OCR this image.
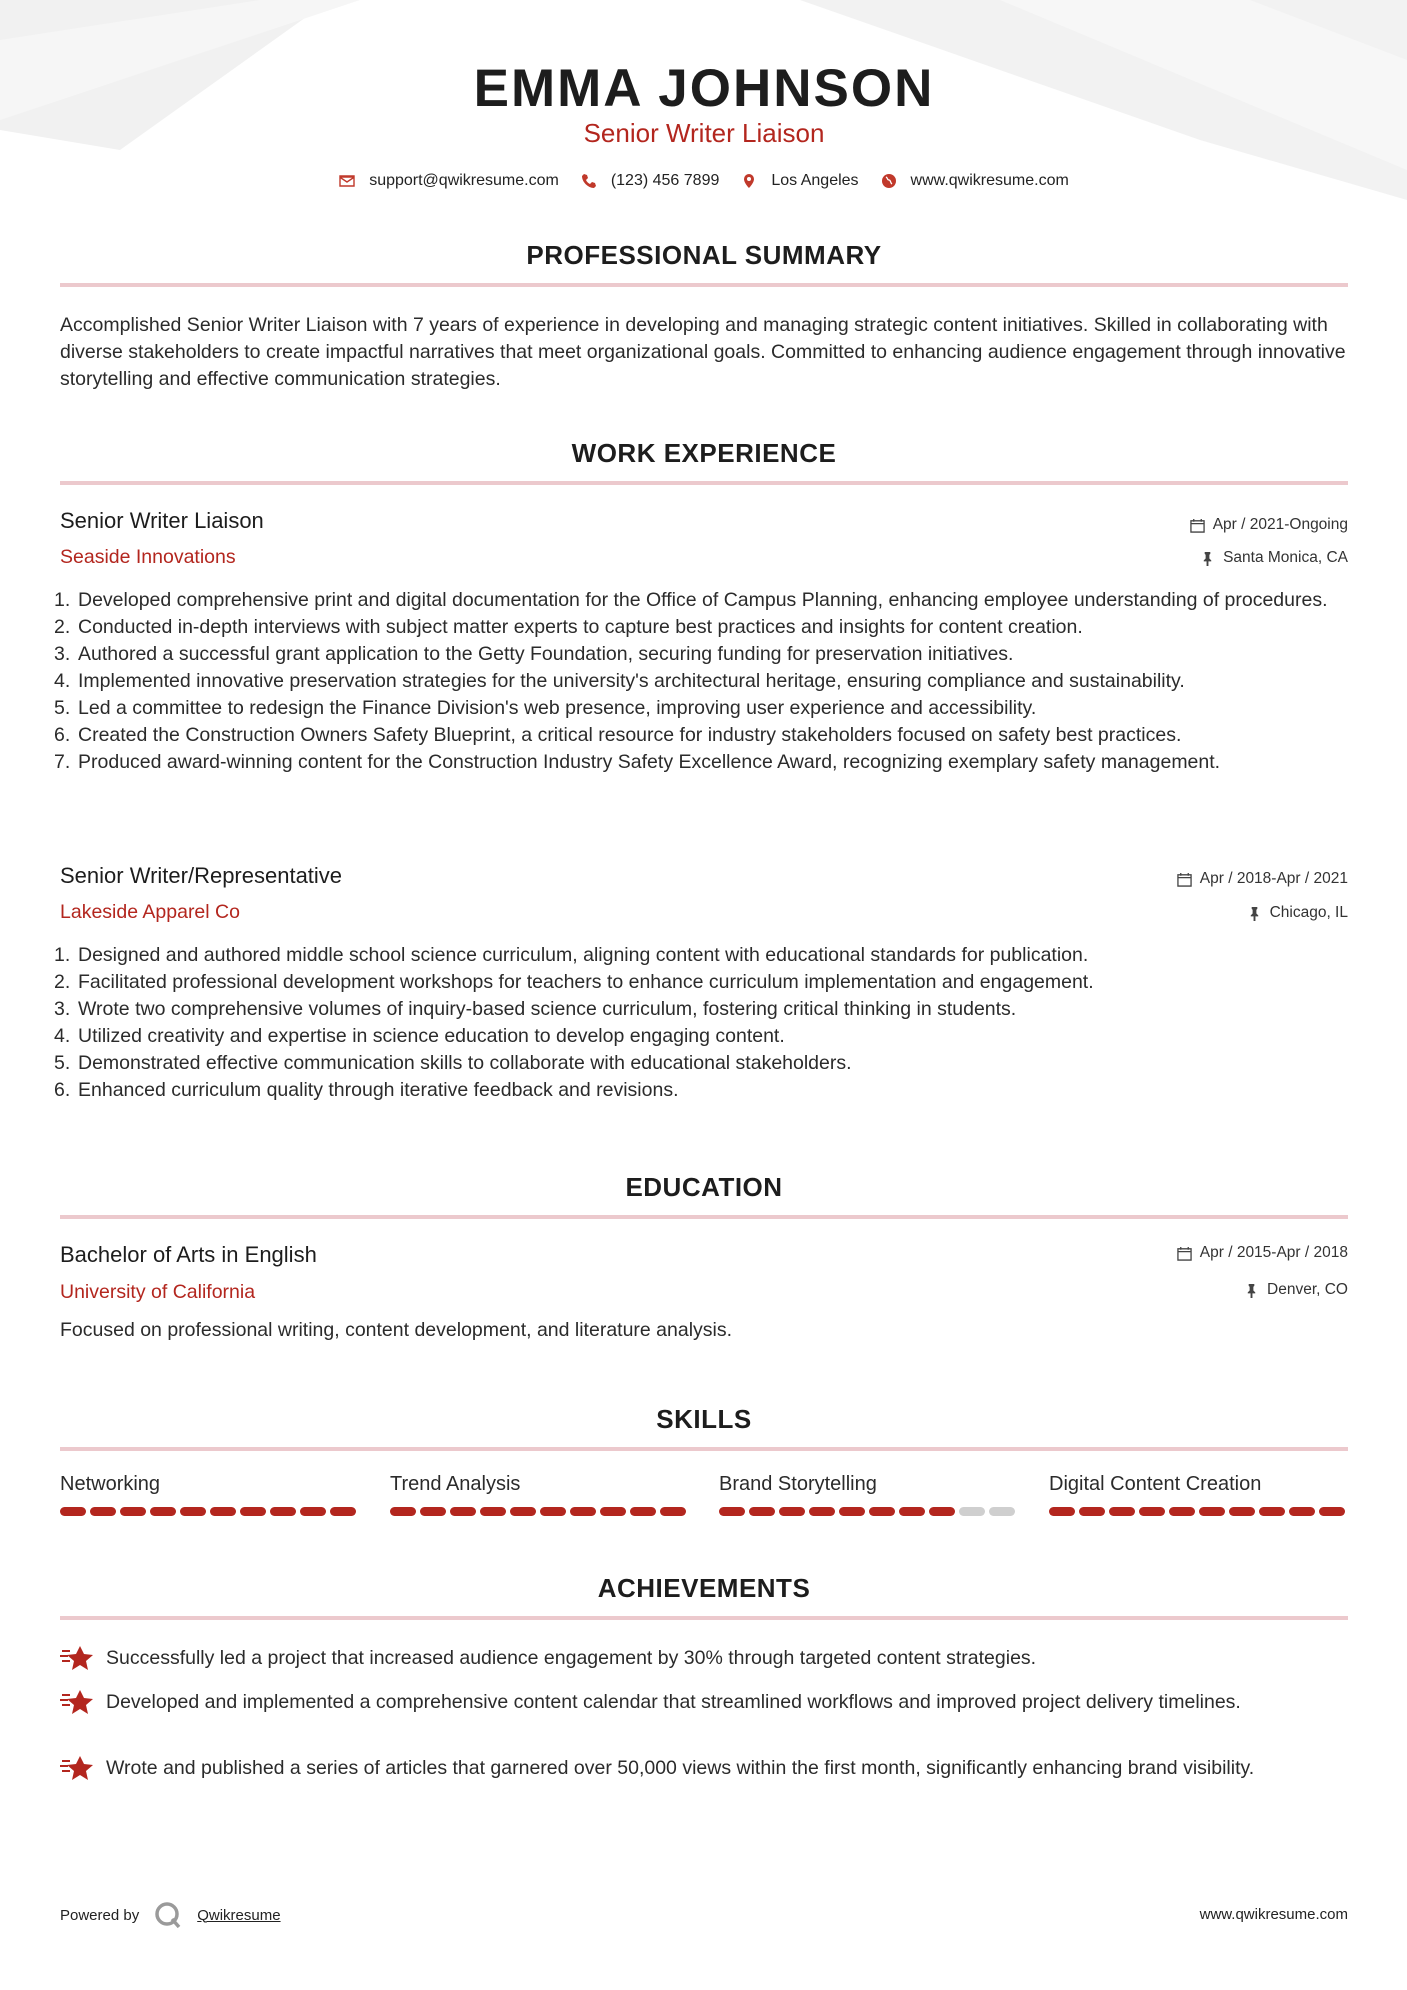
EMMA JOHNSON
Senior Writer Liaison
support@qwikresume.com	(123) 456 7899	Los Angeles	www.qwikresume.com
PROFESSIONAL SUMMARY
Accomplished Senior Writer Liaison with 7 years of experience in developing and managing strategic content initiatives. Skilled in collaborating with diverse stakeholders to create impactful narratives that meet organizational goals. Committed to enhancing audience engagement through innovative storytelling and effective communication strategies.
WORK EXPERIENCE
Senior Writer Liaison
Seaside Innovations
Apr / 2021-Ongoing
Santa Monica, CA
1. Developed comprehensive print and digital documentation for the Office of Campus Planning, enhancing employee understanding of procedures.
2. Conducted in-depth interviews with subject matter experts to capture best practices and insights for content creation.
3. Authored a successful grant application to the Getty Foundation, securing funding for preservation initiatives.
4. Implemented innovative preservation strategies for the university's architectural heritage, ensuring compliance and sustainability.
5. Led a committee to redesign the Finance Division's web presence, improving user experience and accessibility.
6. Created the Construction Owners Safety Blueprint, a critical resource for industry stakeholders focused on safety best practices.
7. Produced award-winning content for the Construction Industry Safety Excellence Award, recognizing exemplary safety management.
Senior Writer/Representative
Lakeside Apparel Co
Apr / 2018-Apr / 2021
Chicago, IL
1. Designed and authored middle school science curriculum, aligning content with educational standards for publication.
2. Facilitated professional development workshops for teachers to enhance curriculum implementation and engagement.
3. Wrote two comprehensive volumes of inquiry-based science curriculum, fostering critical thinking in students.
4. Utilized creativity and expertise in science education to develop engaging content.
5. Demonstrated effective communication skills to collaborate with educational stakeholders.
6. Enhanced curriculum quality through iterative feedback and revisions.
EDUCATION
Bachelor of Arts in English
University of California
Apr / 2015-Apr / 2018
Denver, CO
Focused on professional writing, content development, and literature analysis.
SKILLS
Networking	Trend Analysis	Brand Storytelling	Digital Content Creation
ACHIEVEMENTS
Successfully led a project that increased audience engagement by 30% through targeted content strategies.
Developed and implemented a comprehensive content calendar that streamlined workflows and improved project delivery timelines.
Wrote and published a series of articles that garnered over 50,000 views within the first month, significantly enhancing brand visibility.
Powered by	Qwikresume	www.qwikresume.com
